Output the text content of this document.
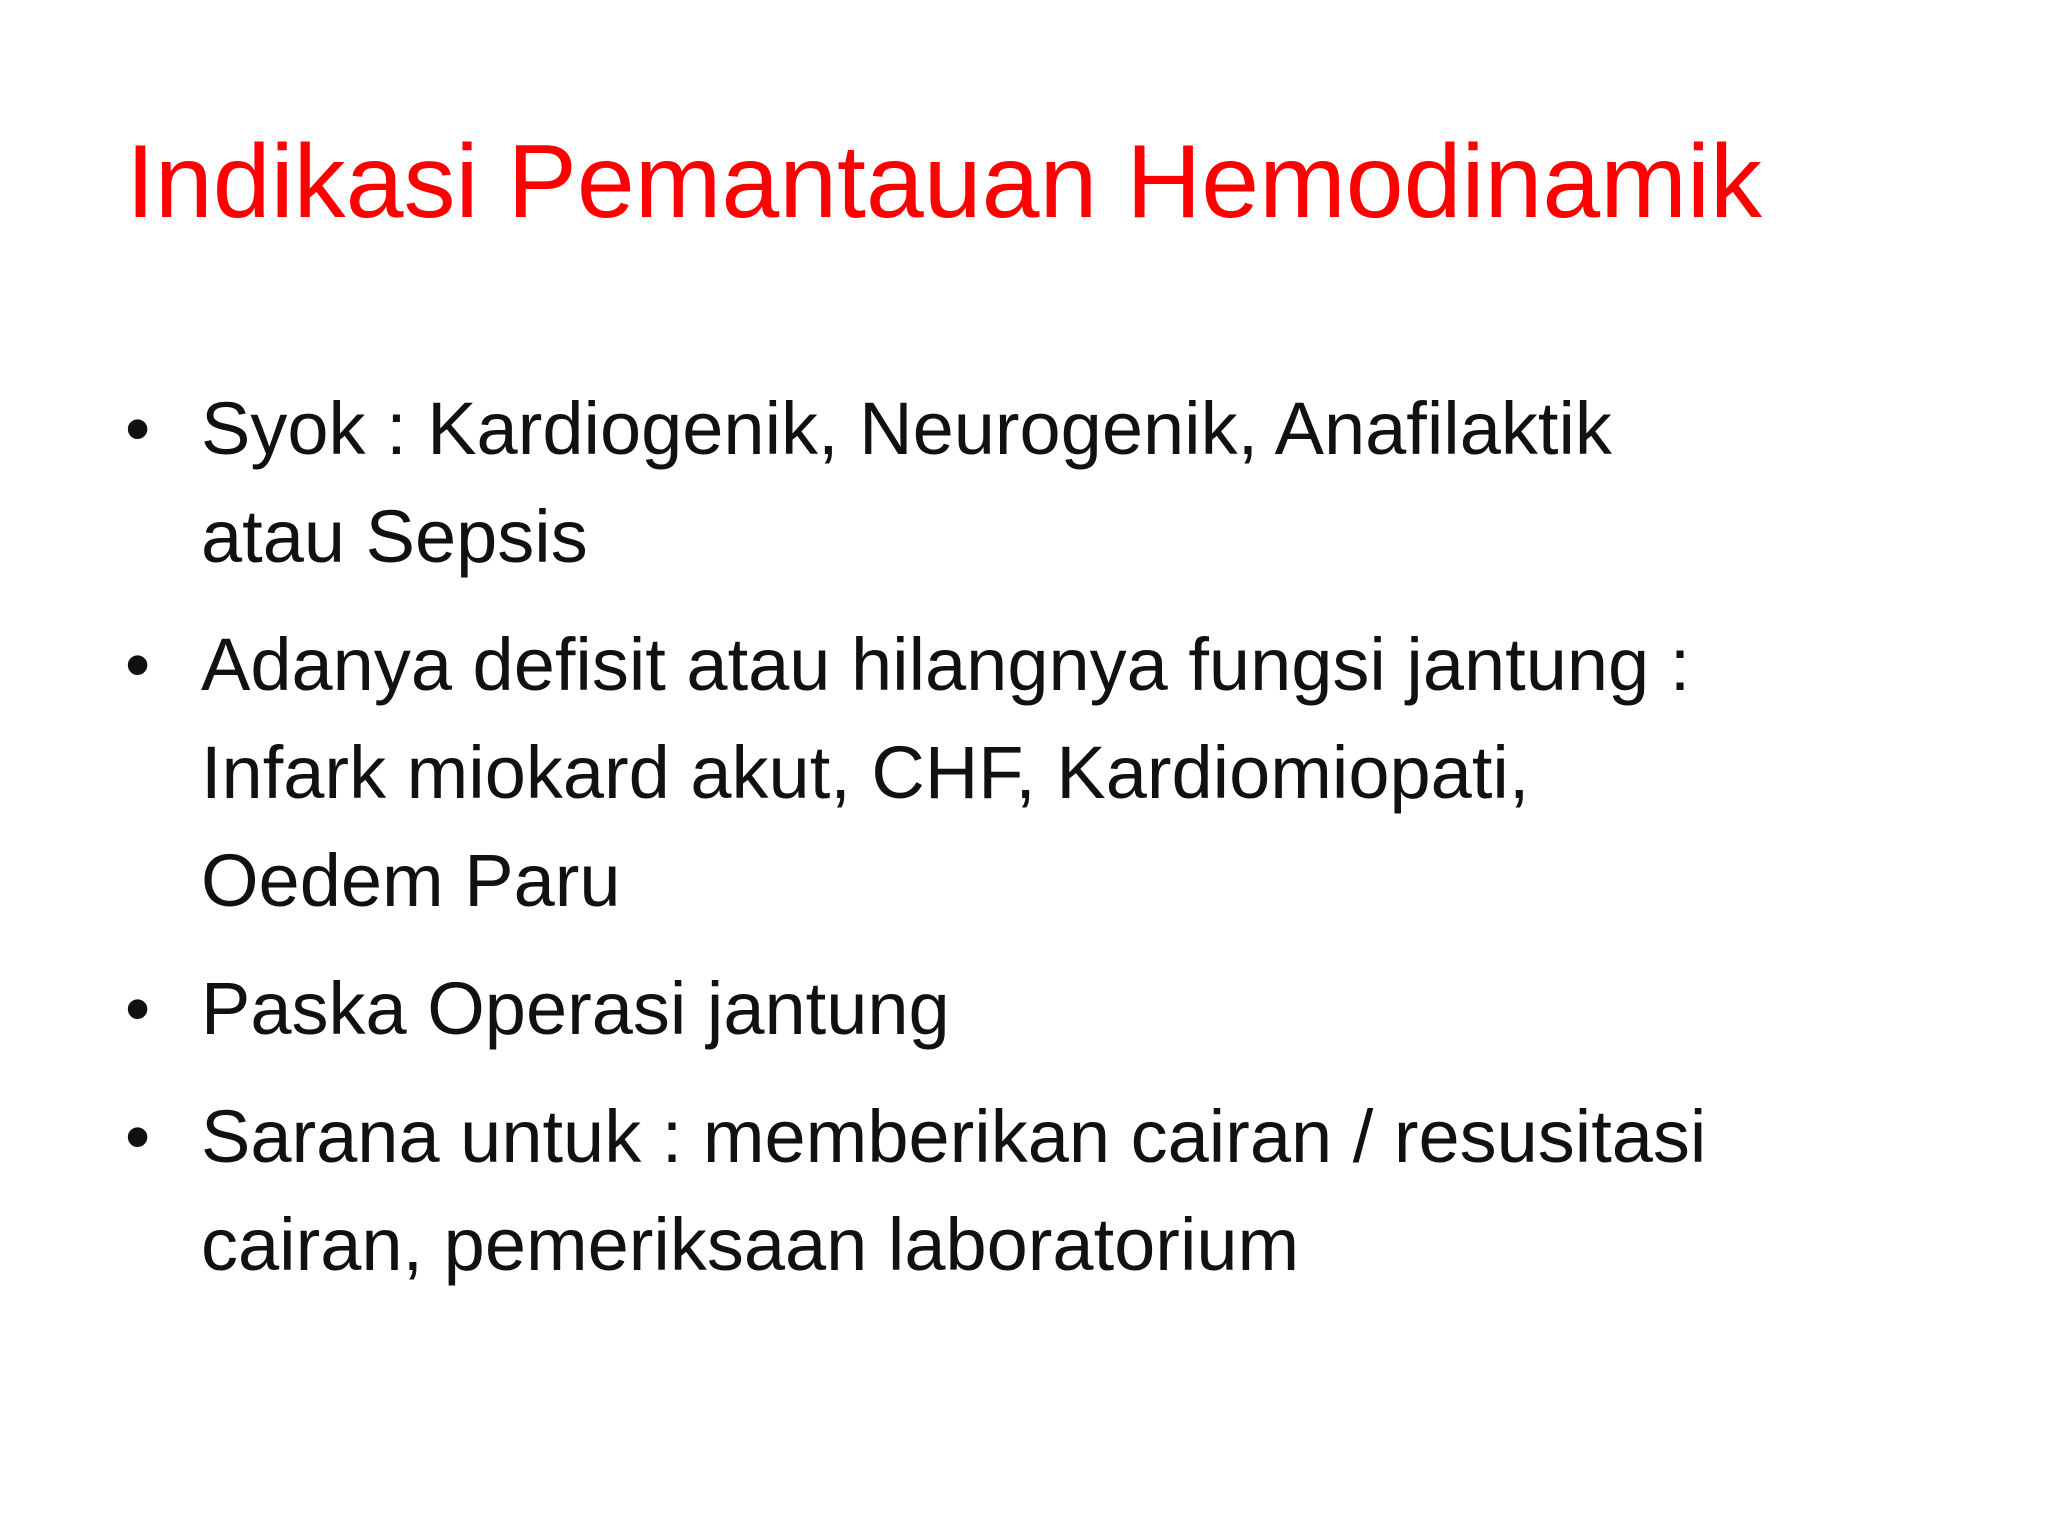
Indikasi Pemantauan Hemodinamik
• Syok : Kardiogenik, Neurogenik, Anafilaktik
atau Sepsis
• Adanya defisit atau hilangnya fungsi jantung :
Infark miokard akut, CHF, Kardiomiopati,
Oedem Paru
• Paska Operasi jantung
• Sarana untuk : memberikan cairan / resusitasi
cairan, pemeriksaan laboratorium
